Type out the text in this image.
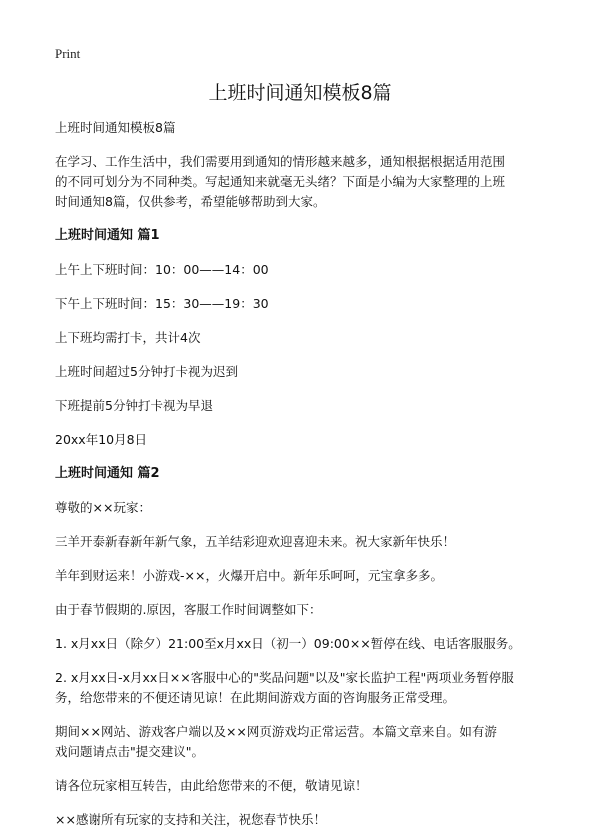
Print
上班时间通知模板8篇

上班时间通知模板8篇

在学习、工作生活中，我们需要用到通知的情形越来越多，通知根据根据适用范围

的不同可划分为不同种类。写起通知来就毫无头绪？下面是小编为大家整理的上班

时间通知8篇，仅供参考，希望能够帮助到大家。

上班时间通知 篇1

上午上下班时间：10：00——14：00

下午上下班时间：15：30——19：30

上下班均需打卡，共计4次

上班时间超过5分钟打卡视为迟到

下班提前5分钟打卡视为早退

20xx年10月8日

上班时间通知 篇2

尊敬的××玩家：

三羊开泰新春新年新气象，五羊结彩迎欢迎喜迎未来。祝大家新年快乐！

羊年到财运来！小游戏-××，火爆开启中。新年乐呵呵，元宝拿多多。

由于春节假期的.原因，客服工作时间调整如下：

1. x月xx日（除夕）21:00至x月xx日（初一）09:00××暂停在线、电话客服服务。

2. x月xx日-x月xx日××客服中心的"奖品问题"以及"家长监护工程"两项业务暂停服

务，给您带来的不便还请见谅！在此期间游戏方面的咨询服务正常受理。

期间××网站、游戏客户端以及××网页游戏均正常运营。本篇文章来自。如有游

戏问题请点击"提交建议"。

请各位玩家相互转告，由此给您带来的不便，敬请见谅！

××感谢所有玩家的支持和关注，祝您春节快乐！
